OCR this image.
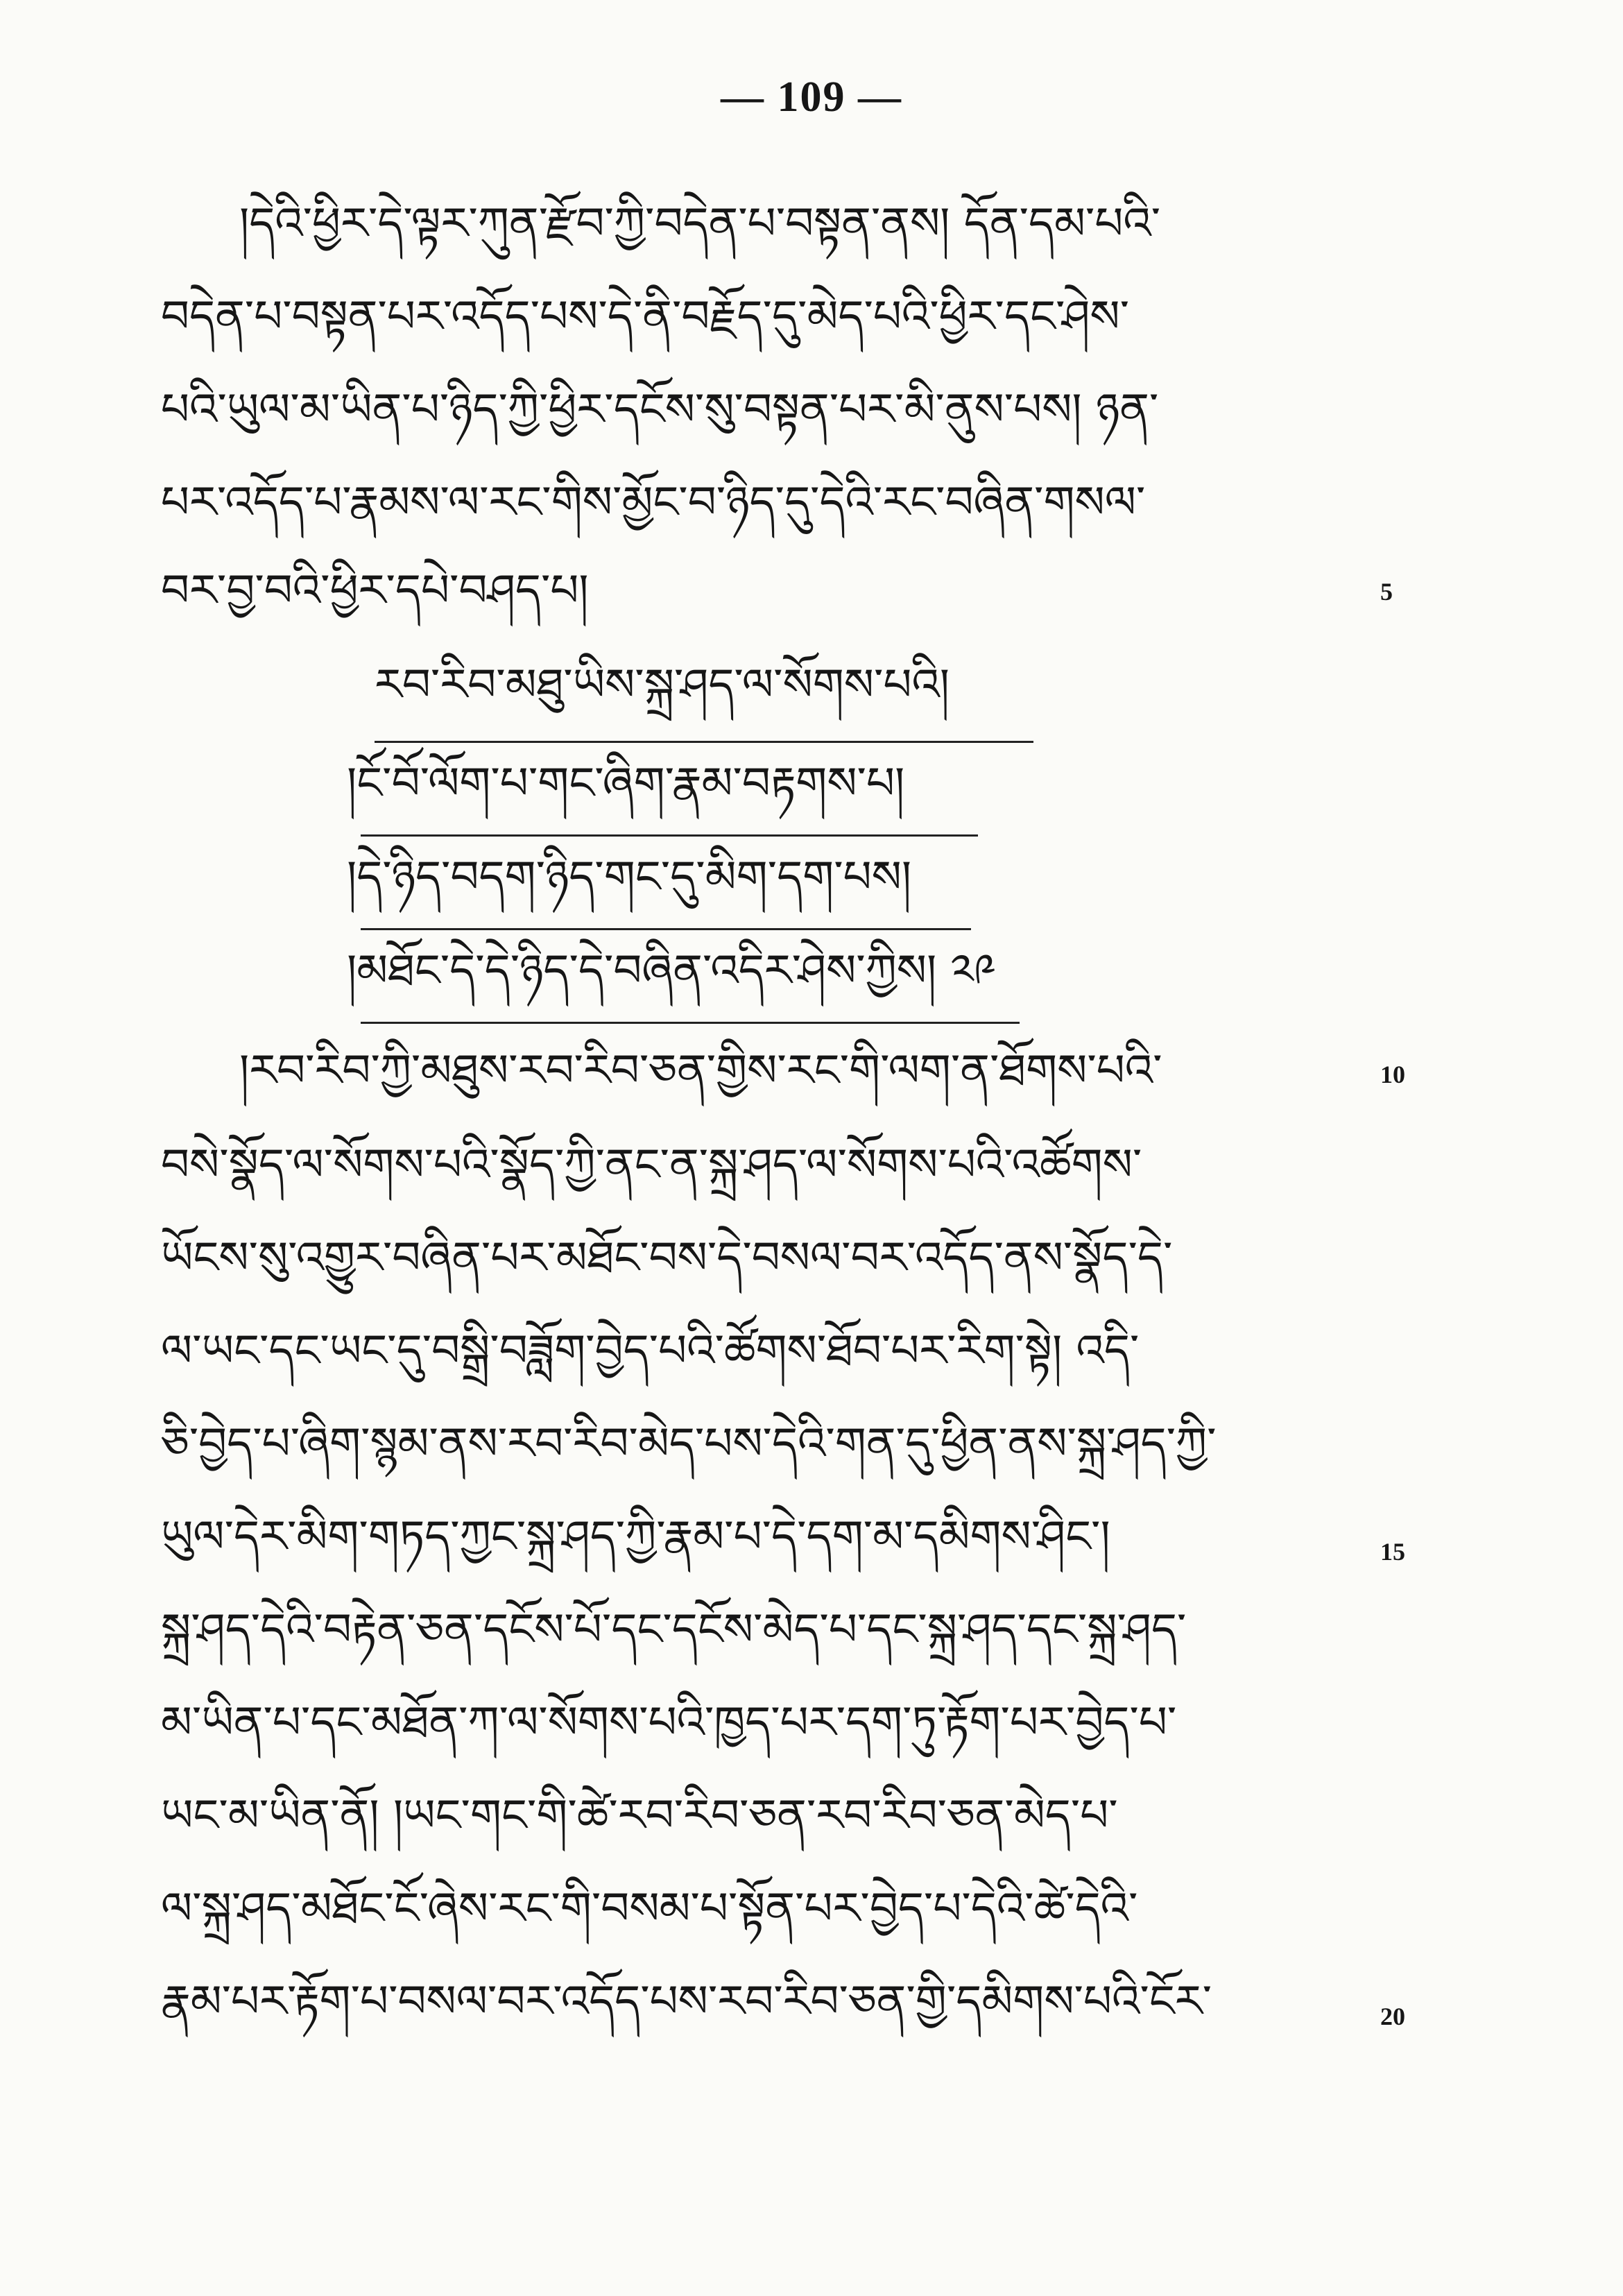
— 109 —
།དེའི་ཕྱིར་དེ་ལྟར་ཀུན་རྫོབ་ཀྱི་བདེན་པ་བསྟན་ནས། དོན་དམ་པའི་
བདེན་པ་བསྟན་པར་འདོད་པས་དེ་ནི་བརྗོད་དུ་མེད་པའི་ཕྱིར་དང་ཤེས་
པའི་ཡུལ་མ་ཡིན་པ་ཉིད་ཀྱི་ཕྱིར་དངོས་སུ་བསྟན་པར་མི་ནུས་པས། ཉན་
པར་འདོད་པ་རྣམས་ལ་རང་གིས་མྱོང་བ་ཉིད་དུ་དེའི་རང་བཞིན་གསལ་
བར་བྱ་བའི་ཕྱིར་དཔེ་བཤད་པ།	5
རབ་རིབ་མཐུ་ཡིས་སྐྲ་ཤད་ལ་སོགས་པའི།
།ངོ་བོ་ལོག་པ་གང་ཞིག་རྣམ་བརྟགས་པ།
།དེ་ཉིད་བདག་ཉིད་གང་དུ་མིག་དག་པས།
།མཐོང་དེ་དེ་ཉིད་དེ་བཞིན་འདིར་ཤེས་ཀྱིས། ༢༩
།རབ་རིབ་ཀྱི་མཐུས་རབ་རིབ་ཅན་གྱིས་རང་གི་ལག་ན་ཐོགས་པའི་	10
བསེ་སྣོད་ལ་སོགས་པའི་སྣོད་ཀྱི་ནང་ན་སྐྲ་ཤད་ལ་སོགས་པའི་འཚོགས་
ཡོངས་སུ་འགྱུར་བཞིན་པར་མཐོང་བས་དེ་བསལ་བར་འདོད་ནས་སྣོད་དེ་
ལ་ཡང་དང་ཡང་དུ་བསྒྲི་བཟློག་བྱེད་པའི་ཚོགས་ཐོབ་པར་རིག་སྟེ། འདི་
ཅི་བྱེད་པ་ཞིག་སྙམ་ནས་རབ་རིབ་མེད་པས་དེའི་གན་དུ་ཕྱིན་ནས་སྐྲ་ཤད་ཀྱི་
ཡུལ་དེར་མིག་གཏད་ཀྱང་སྐྲ་ཤད་ཀྱི་རྣམ་པ་དེ་དག་མ་དམིགས་ཤིང་།	15
སྐྲ་ཤད་དེའི་བརྟེན་ཅན་དངོས་པོ་དང་དངོས་མེད་པ་དང་སྐྲ་ཤད་དང་སྐྲ་ཤད་
མ་ཡིན་པ་དང་མཐོན་ཀ་ལ་སོགས་པའི་ཁྱད་པར་དག་ཏུ་རྟོག་པར་བྱེད་པ་
ཡང་མ་ཡིན་ནོ། །ཡང་གང་གི་ཚེ་རབ་རིབ་ཅན་རབ་རིབ་ཅན་མེད་པ་
ལ་སྐྲ་ཤད་མཐོང་ངོ་ཞེས་རང་གི་བསམ་པ་སྟོན་པར་བྱེད་པ་དེའི་ཚེ་དེའི་
རྣམ་པར་རྟོག་པ་བསལ་བར་འདོད་པས་རབ་རིབ་ཅན་གྱི་དམིགས་པའི་ངོར་	20
